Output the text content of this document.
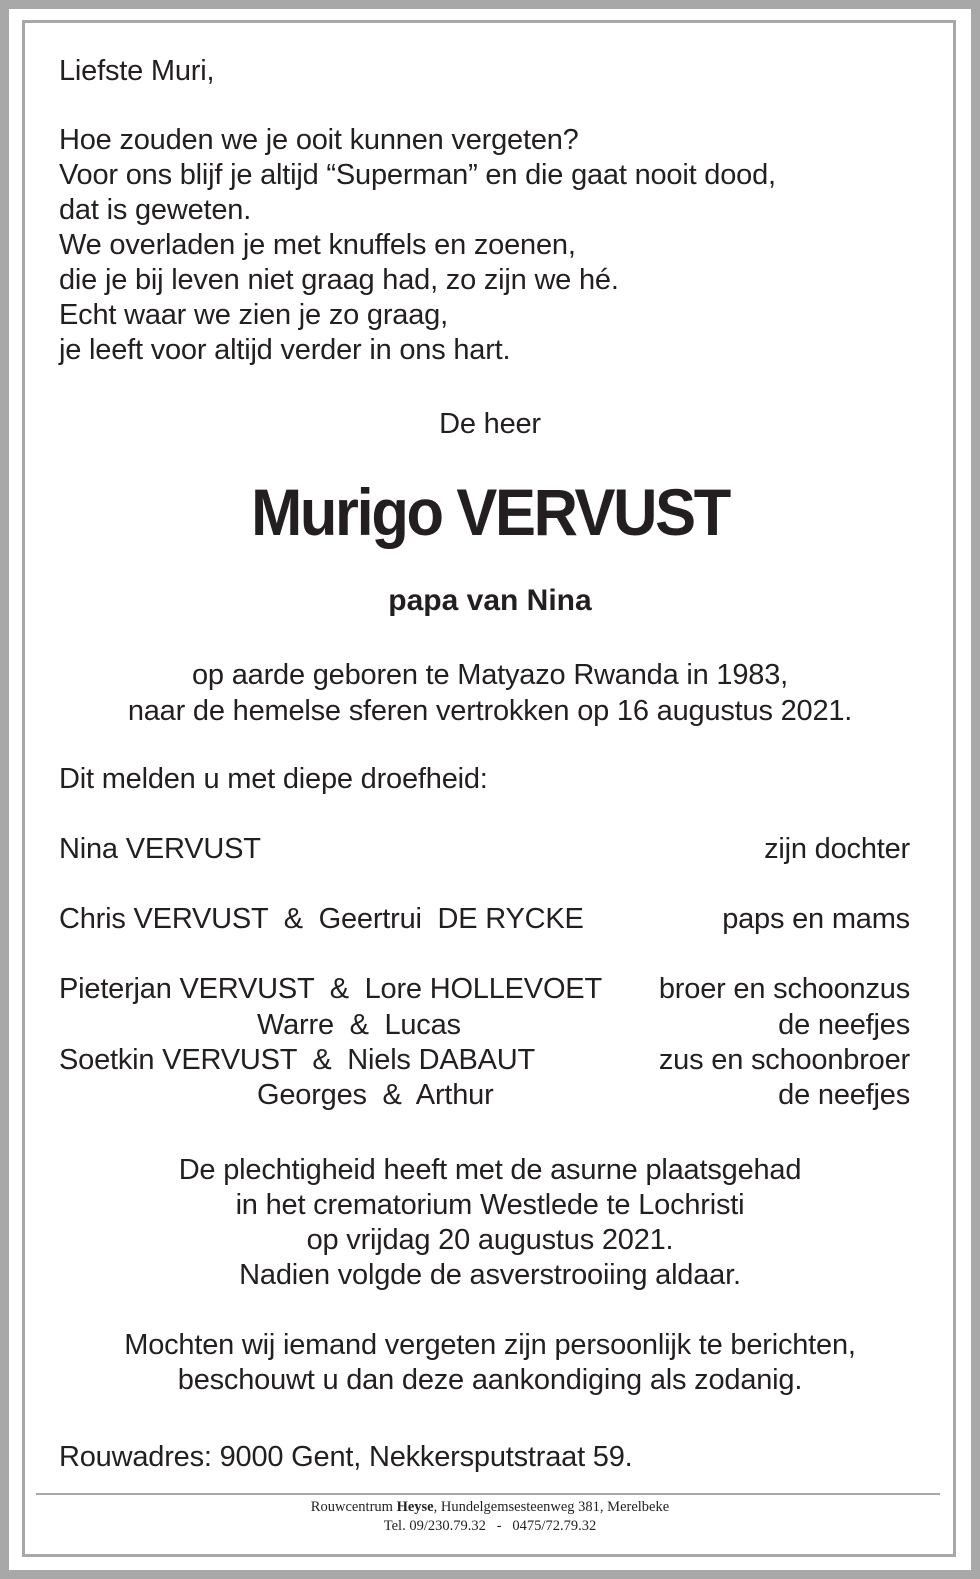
Liefste Muri,
Hoe zouden we je ooit kunnen vergeten?
Voor ons blijf je altijd “Superman” en die gaat nooit dood,
dat is geweten.
We overladen je met knuffels en zoenen,
die je bij leven niet graag had, zo zijn we hé.
Echt waar we zien je zo graag,
je leeft voor altijd verder in ons hart.
De heer
Murigo VERVUST
papa van Nina
op aarde geboren te Matyazo Rwanda in 1983,
naar de hemelse sferen vertrokken op 16 augustus 2021.
Dit melden u met diepe droefheid:
Nina VERVUST	zijn dochter
Chris VERVUST  &  Geertrui  DE RYCKE	paps en mams
Pieterjan VERVUST  &  Lore HOLLEVOET broer en schoonzus
Warre  &  Lucas	de neefjes
Soetkin VERVUST  &  Niels DABAUT	zus en schoonbroer
Georges  &  Arthur	de neefjes
De plechtigheid heeft met de asurne plaatsgehad
in het crematorium Westlede te Lochristi
op vrijdag 20 augustus 2021.
Nadien volgde de asverstrooiing aldaar.
Mochten wij iemand vergeten zijn persoonlijk te berichten,
beschouwt u dan deze aankondiging als zodanig.
Rouwadres: 9000 Gent, Nekkersputstraat 59.
Rouwcentrum Heyse, Hundelgemsesteenweg 381, Merelbeke
Tel. 09/230.79.32   -   0475/72.79.32
